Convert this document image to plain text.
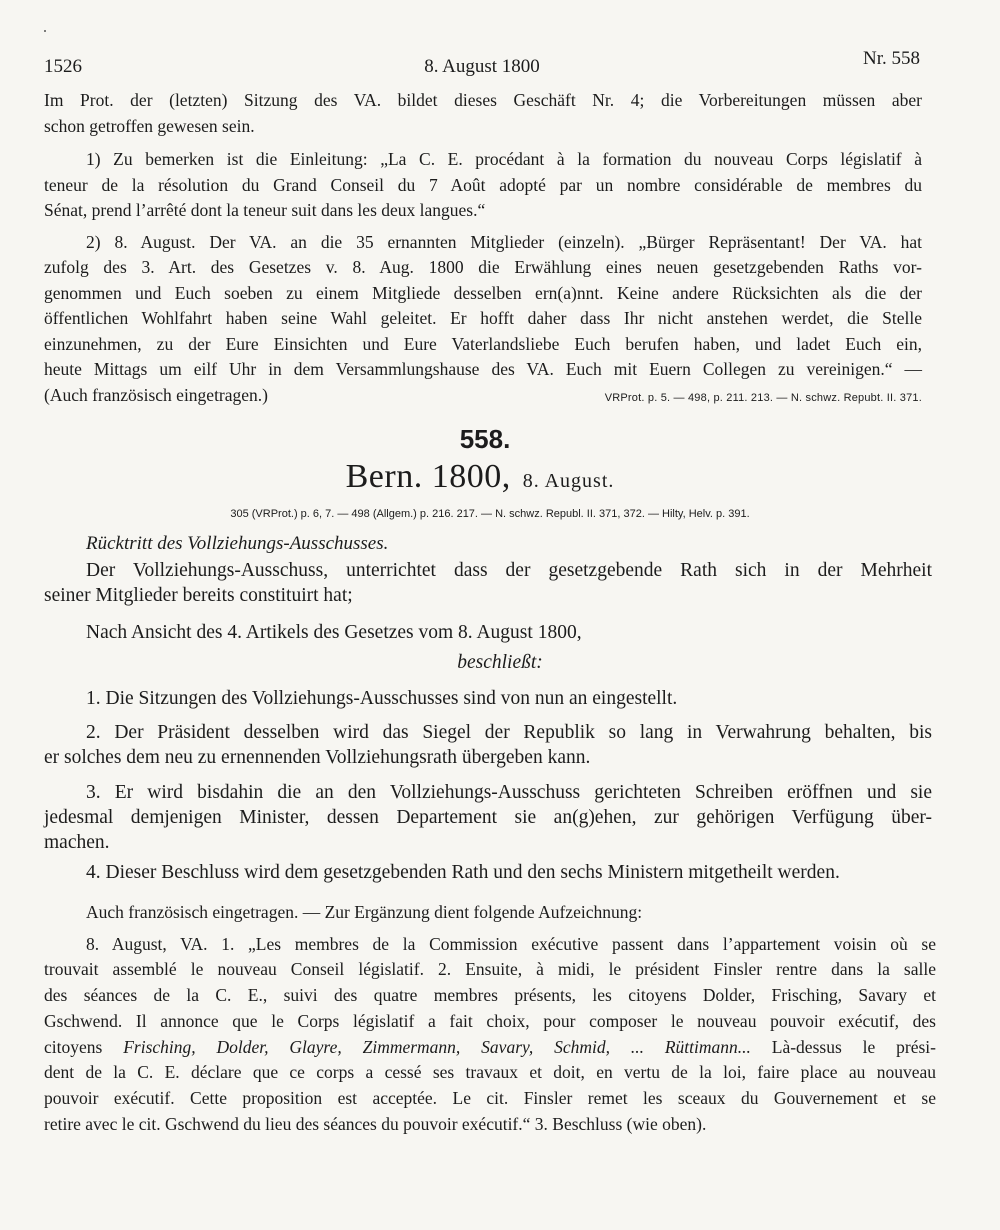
1526	8. August 1800	Nr. 558
Im Prot. der (letzten) Sitzung des VA. bildet dieses Geschäft Nr. 4; die Vorbereitungen müssen aber
schon getroffen gewesen sein.
1) Zu bemerken ist die Einleitung: „La C. E. procédant à la formation du nouveau Corps législatif à
teneur de la résolution du Grand Conseil du 7 Août adopté par un nombre considérable de membres du
Sénat, prend l’arrêté dont la teneur suit dans les deux langues.“
2) 8. August. Der VA. an die 35 ernannten Mitglieder (einzeln). „Bürger Repräsentant! Der VA. hat
zufolg des 3. Art. des Gesetzes v. 8. Aug. 1800 die Erwählung eines neuen gesetzgebenden Raths vor-
genommen und Euch soeben zu einem Mitgliede desselben ern(a)nnt. Keine andere Rücksichten als die der
öffentlichen Wohlfahrt haben seine Wahl geleitet. Er hofft daher dass Ihr nicht anstehen werdet, die Stelle
einzunehmen, zu der Eure Einsichten und Eure Vaterlandsliebe Euch berufen haben, und ladet Euch ein,
heute Mittags um eilf Uhr in dem Versammlungshause des VA. Euch mit Euern Collegen zu vereinigen.“ —
(Auch französisch eingetragen.)	VRProt. p. 5. — 498, p. 211. 213. — N. schwz. Repubt. II. 371.
558.
Bern. 1800, 8. August.
305 (VRProt.) p. 6, 7. — 498 (Allgem.) p. 216. 217. — N. schwz. Republ. II. 371, 372. — Hilty, Helv. p. 391.
Rücktritt des Vollziehungs-Ausschusses.
Der Vollziehungs-Ausschuss, unterrichtet dass der gesetzgebende Rath sich in der Mehrheit
seiner Mitglieder bereits constituirt hat;
Nach Ansicht des 4. Artikels des Gesetzes vom 8. August 1800,
beschließt:
1. Die Sitzungen des Vollziehungs-Ausschusses sind von nun an eingestellt.
2. Der Präsident desselben wird das Siegel der Republik so lang in Verwahrung behalten, bis
er solches dem neu zu ernennenden Vollziehungsrath übergeben kann.
3. Er wird bisdahin die an den Vollziehungs-Ausschuss gerichteten Schreiben eröffnen und sie
jedesmal demjenigen Minister, dessen Departement sie an(g)ehen, zur gehörigen Verfügung über-
machen.
4. Dieser Beschluss wird dem gesetzgebenden Rath und den sechs Ministern mitgetheilt werden.
Auch französisch eingetragen. — Zur Ergänzung dient folgende Aufzeichnung:
8. August, VA. 1. „Les membres de la Commission exécutive passent dans l’appartement voisin où se
trouvait assemblé le nouveau Conseil législatif. 2. Ensuite, à midi, le président Finsler rentre dans la salle
des séances de la C. E., suivi des quatre membres présents, les citoyens Dolder, Frisching, Savary et
Gschwend. Il annonce que le Corps législatif a fait choix, pour composer le nouveau pouvoir exécutif, des
citoyens Frisching, Dolder, Glayre, Zimmermann, Savary, Schmid, ... Rüttimann... Là-dessus le prési-
dent de la C. E. déclare que ce corps a cessé ses travaux et doit, en vertu de la loi, faire place au nouveau
pouvoir exécutif. Cette proposition est acceptée. Le cit. Finsler remet les sceaux du Gouvernement et se
retire avec le cit. Gschwend du lieu des séances du pouvoir exécutif.“ 3. Beschluss (wie oben).
